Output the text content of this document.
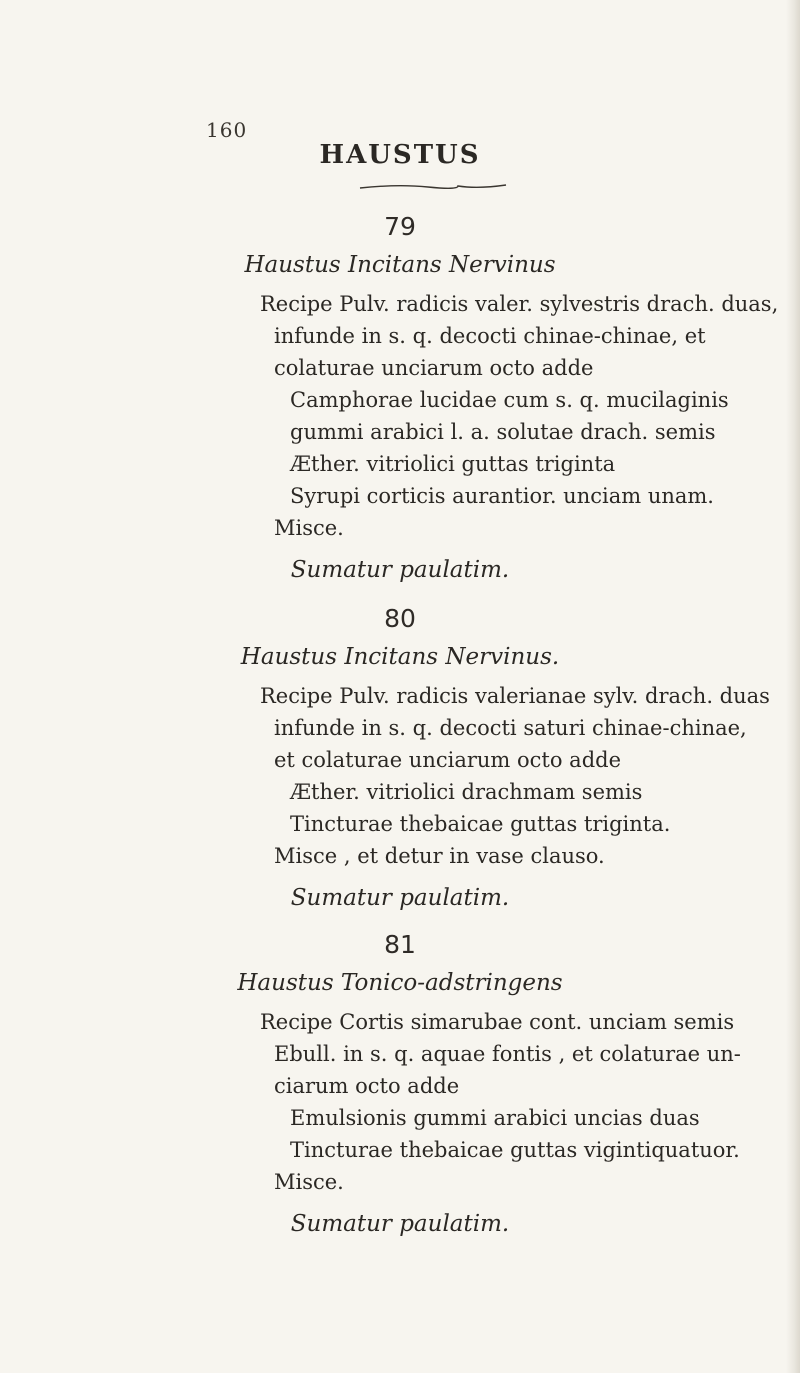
160
HAUSTUS
79
Haustus Incitans Nervinus
Recipe Pulv. radicis valer. sylvestris drach. duas,
infunde in s. q. decocti chinae-chinae, et
colaturae unciarum octo adde
Camphorae lucidae cum s. q. mucilaginis
gummi arabici l. a. solutae drach. semis
Æther. vitriolici guttas triginta
Syrupi corticis aurantior. unciam unam.
Misce.
Sumatur paulatim.
80
Haustus Incitans Nervinus.
Recipe Pulv. radicis valerianae sylv. drach. duas
infunde in s. q. decocti saturi chinae-chinae,
et colaturae unciarum octo adde
Æther. vitriolici drachmam semis
Tincturae thebaicae guttas triginta.
Misce , et detur in vase clauso.
Sumatur paulatim.
81
Haustus Tonico-adstringens
Recipe Cortis simarubae cont. unciam semis
Ebull. in s. q. aquae fontis , et colaturae un-
ciarum octo adde
Emulsionis gummi arabici uncias duas
Tincturae thebaicae guttas vigintiquatuor.
Misce.
Sumatur paulatim.
